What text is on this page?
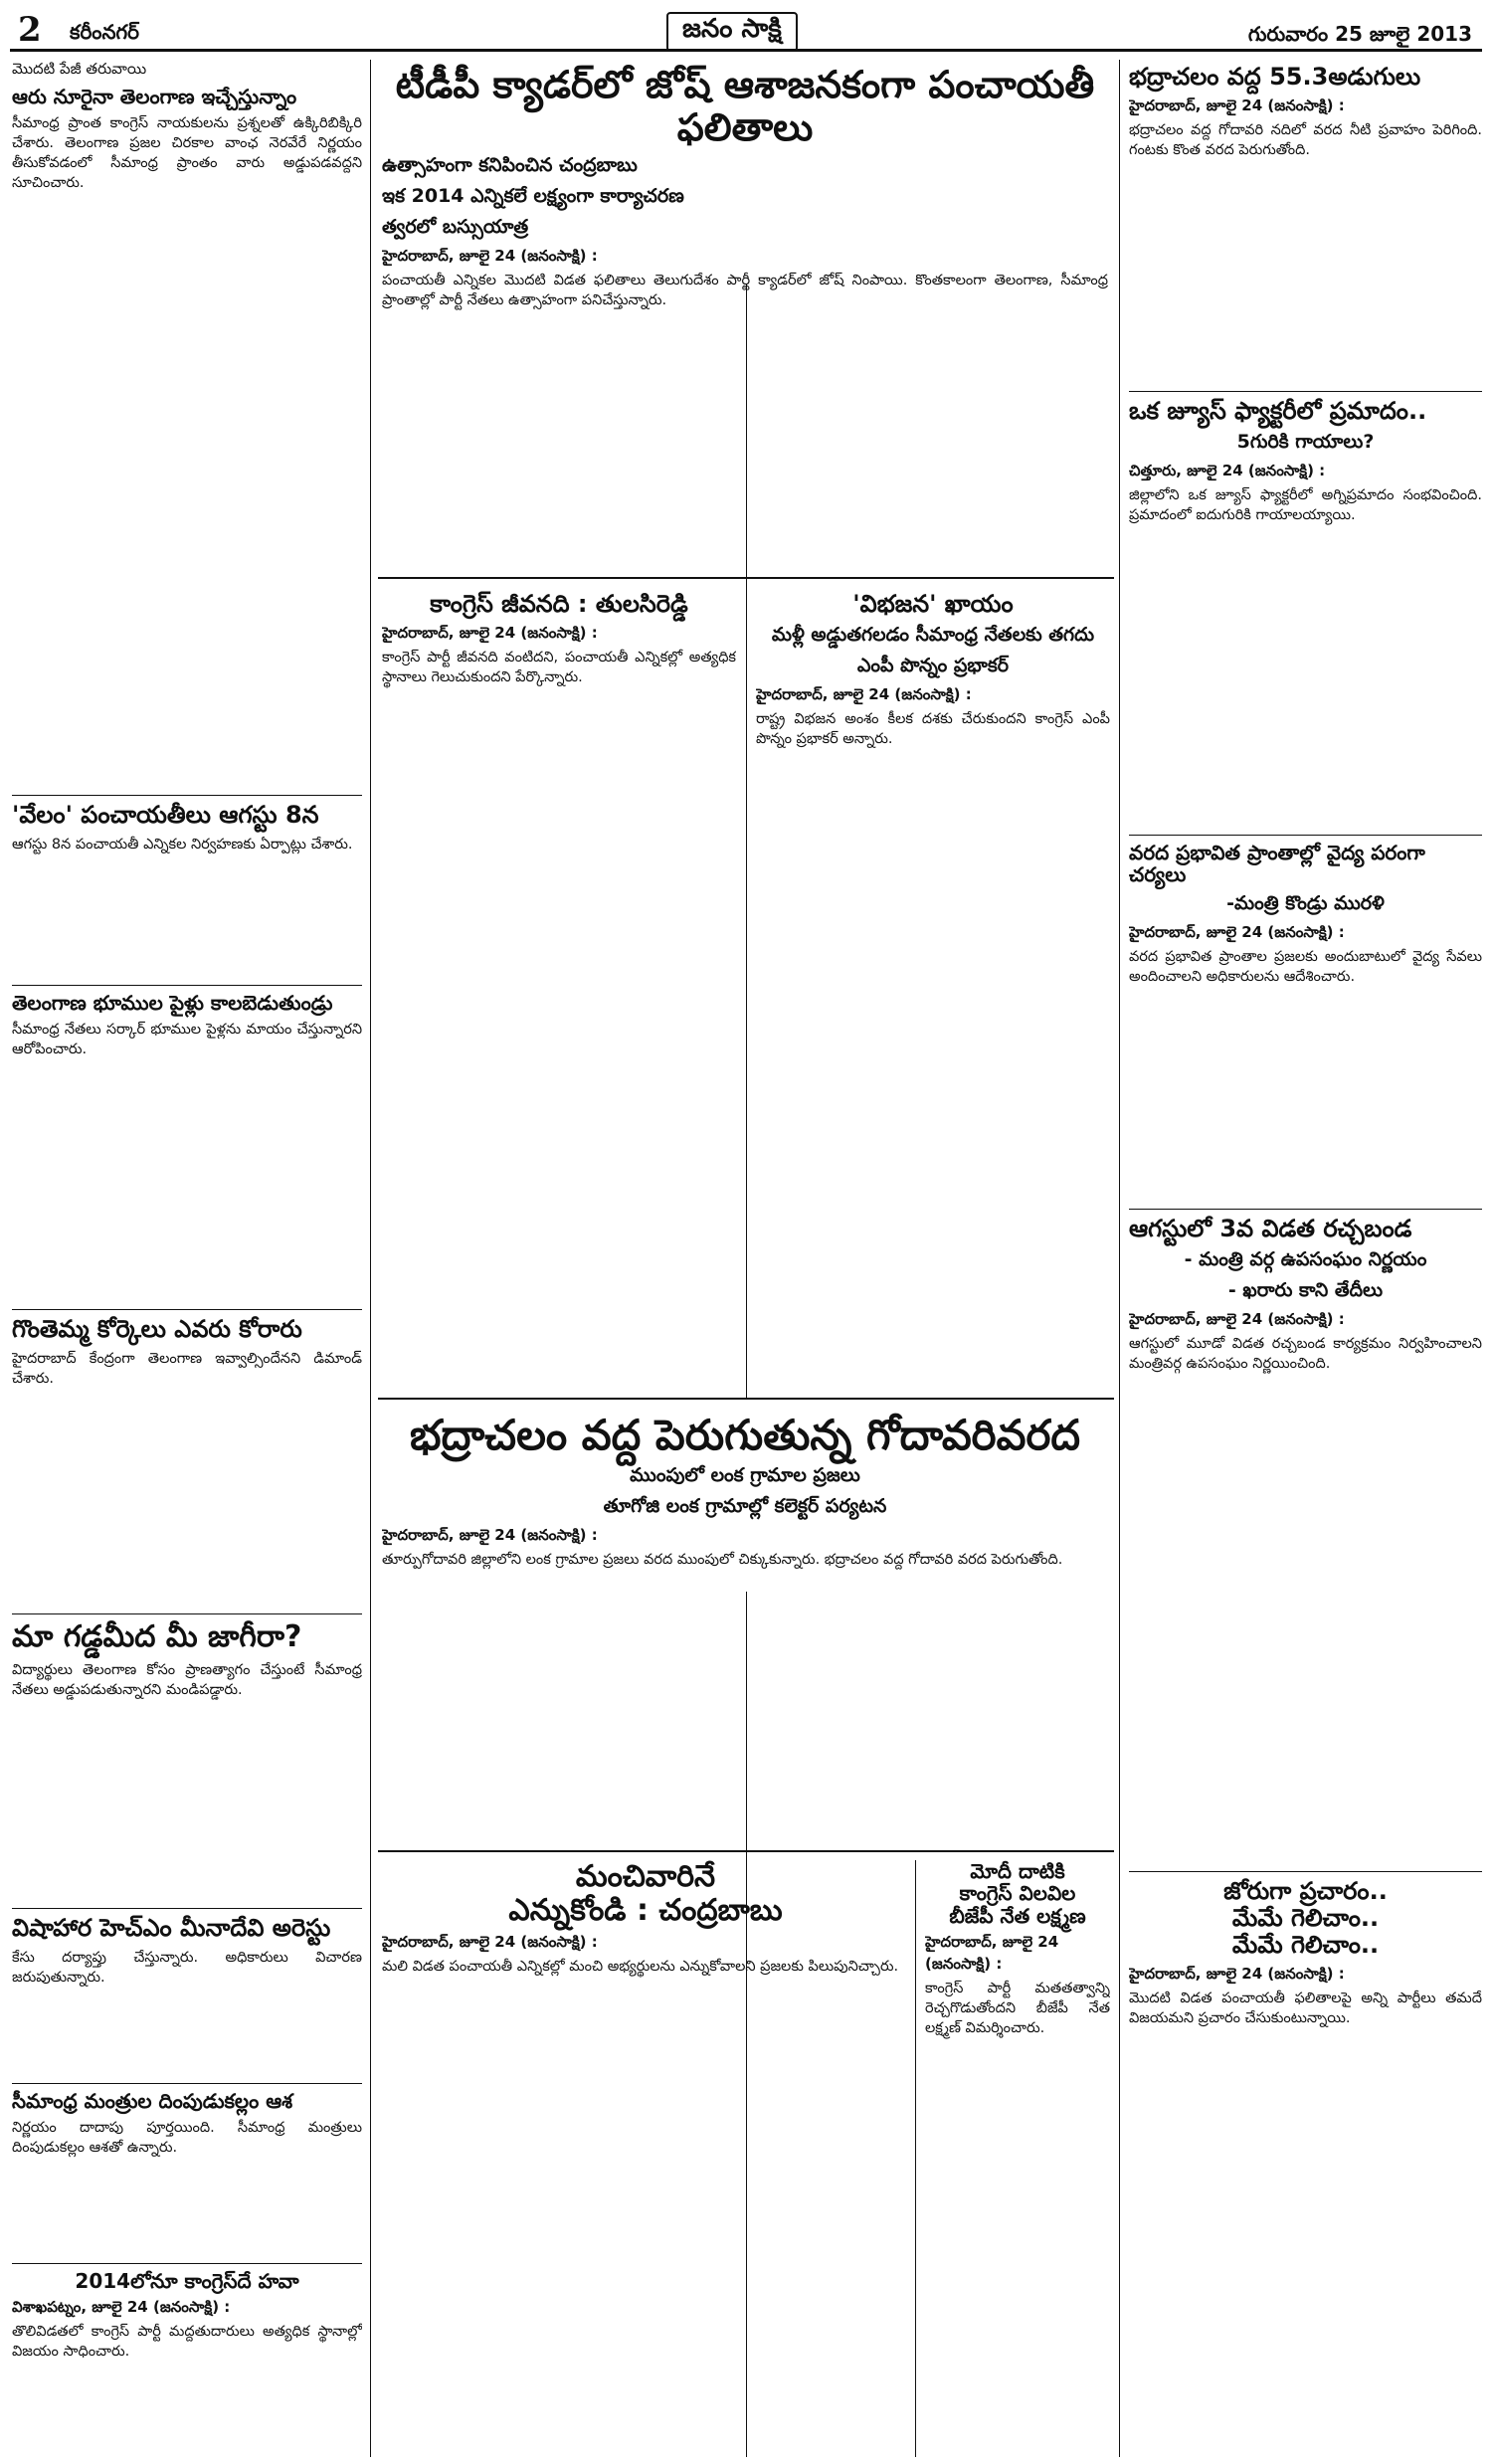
2 కరీంనగర్	జనం సాక్షి	గురువారం 25 జూలై 2013
మొదటి పేజీ తరువాయి
ఆరు నూరైనా తెలంగాణ ఇచ్చేస్తున్నాం
సీమాంధ్ర ప్రాంత కాంగ్రెస్ నాయకులను ప్రశ్నలతో ఉక్కిరిబిక్కిరి చేశారు. తెలంగాణ ప్రజల చిరకాల వాంఛ నెరవేరే నిర్ణయం తీసుకోవడంలో సీమాంధ్ర ప్రాంతం వారు అడ్డుపడవద్దని సూచించారు.
'వేలం' పంచాయతీలు ఆగస్టు 8న
ఆగస్టు 8న పంచాయతీ ఎన్నికల నిర్వహణకు ఏర్పాట్లు చేశారు.
తెలంగాణ భూముల పైళ్లు కాలబెడుతుండ్రు
సీమాంధ్ర నేతలు సర్కార్ భూముల పైళ్లను మాయం చేస్తున్నారని ఆరోపించారు.
గొంతెమ్మ కోర్కెలు ఎవరు కోరారు
హైదరాబాద్ కేంద్రంగా తెలంగాణ ఇవ్వాల్సిందేనని డిమాండ్ చేశారు.
మా గడ్డమీద మీ జాగీరా?
విద్యార్థులు తెలంగాణ కోసం ప్రాణత్యాగం చేస్తుంటే సీమాంధ్ర నేతలు అడ్డుపడుతున్నారని మండిపడ్డారు.
విషాహార హెచ్‌ఎం మీనాదేవి అరెస్టు
కేసు దర్యాప్తు చేస్తున్నారు. అధికారులు విచారణ జరుపుతున్నారు.
సీమాంధ్ర మంత్రుల దింపుడుకల్లం ఆశ
నిర్ణయం దాదాపు పూర్తయింది. సీమాంధ్ర మంత్రులు దింపుడుకల్లం ఆశతో ఉన్నారు.
2014లోనూ కాంగ్రెస్‌దే హవా
విశాఖపట్నం, జూలై 24 (జనంసాక్షి) :
తొలివిడతలో కాంగ్రెస్ పార్టీ మద్దతుదారులు అత్యధిక స్థానాల్లో విజయం సాధించారు.
టీడీపీ క్యాడర్‌లో జోష్ ఆశాజనకంగా పంచాయతీ ఫలితాలు
ఉత్సాహంగా కనిపించిన చంద్రబాబు
ఇక 2014 ఎన్నికలే లక్ష్యంగా కార్యాచరణ
త్వరలో బస్సుయాత్ర
హైదరాబాద్, జూలై 24 (జనంసాక్షి) :
పంచాయతీ ఎన్నికల మొదటి విడత ఫలితాలు తెలుగుదేశం పార్టీ క్యాడర్‌లో జోష్ నింపాయి. కొంతకాలంగా తెలంగాణ, సీమాంధ్ర ప్రాంతాల్లో పార్టీ నేతలు ఉత్సాహంగా పనిచేస్తున్నారు.
కాంగ్రెస్ జీవనది : తులసిరెడ్డి
హైదరాబాద్, జూలై 24 (జనంసాక్షి) :
కాంగ్రెస్ పార్టీ జీవనది వంటిదని, పంచాయతీ ఎన్నికల్లో అత్యధిక స్థానాలు గెలుచుకుందని పేర్కొన్నారు.
'విభజన' ఖాయం
మళ్లీ అడ్డుతగలడం సీమాంధ్ర నేతలకు తగదు
ఎంపీ పొన్నం ప్రభాకర్
హైదరాబాద్, జూలై 24 (జనంసాక్షి) :
రాష్ట్ర విభజన అంశం కీలక దశకు చేరుకుందని కాంగ్రెస్ ఎంపీ పొన్నం ప్రభాకర్ అన్నారు.
భద్రాచలం వద్ద పెరుగుతున్న గోదావరివరద
ముంపులో లంక గ్రామాల ప్రజలు
తూగోజి లంక గ్రామాల్లో కలెక్టర్ పర్యటన
హైదరాబాద్, జూలై 24 (జనంసాక్షి) :
తూర్పుగోదావరి జిల్లాలోని లంక గ్రామాల ప్రజలు వరద ముంపులో చిక్కుకున్నారు. భద్రాచలం వద్ద గోదావరి వరద పెరుగుతోంది.
మంచివారినే
ఎన్నుకోండి : చంద్రబాబు
హైదరాబాద్, జూలై 24 (జనంసాక్షి) :
మలి విడత పంచాయతీ ఎన్నికల్లో మంచి అభ్యర్థులను ఎన్నుకోవాలని ప్రజలకు పిలుపునిచ్చారు.
మోదీ దాటికి
కాంగ్రెస్ విలవిల
బీజేపీ నేత లక్ష్మణ
హైదరాబాద్, జూలై 24 (జనంసాక్షి) :
కాంగ్రెస్ పార్టీ మతతత్వాన్ని రెచ్చగొడుతోందని బీజేపీ నేత లక్ష్మణ్ విమర్శించారు.
భద్రాచలం వద్ద 55.3అడుగులు
హైదరాబాద్, జూలై 24 (జనంసాక్షి) :
భద్రాచలం వద్ద గోదావరి నదిలో వరద నీటి ప్రవాహం పెరిగింది. గంటకు కొంత వరద పెరుగుతోంది.
ఒక జ్యూస్ ఫ్యాక్టరీలో ప్రమాదం..
5గురికి గాయాలు?
చిత్తూరు, జూలై 24 (జనంసాక్షి) :
జిల్లాలోని ఒక జ్యూస్ ఫ్యాక్టరీలో అగ్నిప్రమాదం సంభవించింది. ప్రమాదంలో ఐదుగురికి గాయాలయ్యాయి.
వరద ప్రభావిత ప్రాంతాల్లో వైద్య పరంగా చర్యలు
-మంత్రి కొండ్రు మురళి
హైదరాబాద్, జూలై 24 (జనంసాక్షి) :
వరద ప్రభావిత ప్రాంతాల ప్రజలకు అందుబాటులో వైద్య సేవలు అందించాలని అధికారులను ఆదేశించారు.
ఆగస్టులో 3వ విడత రచ్చబండ
- మంత్రి వర్గ ఉపసంఘం నిర్ణయం
- ఖరారు కాని తేదీలు
హైదరాబాద్, జూలై 24 (జనంసాక్షి) :
ఆగస్టులో మూడో విడత రచ్చబండ కార్యక్రమం నిర్వహించాలని మంత్రివర్గ ఉపసంఘం నిర్ణయించింది.
జోరుగా ప్రచారం..
మేమే గెలిచాం..
మేమే గెలిచాం..
హైదరాబాద్, జూలై 24 (జనంసాక్షి) :
మొదటి విడత పంచాయతీ ఫలితాలపై అన్ని పార్టీలు తమదే విజయమని ప్రచారం చేసుకుంటున్నాయి.
